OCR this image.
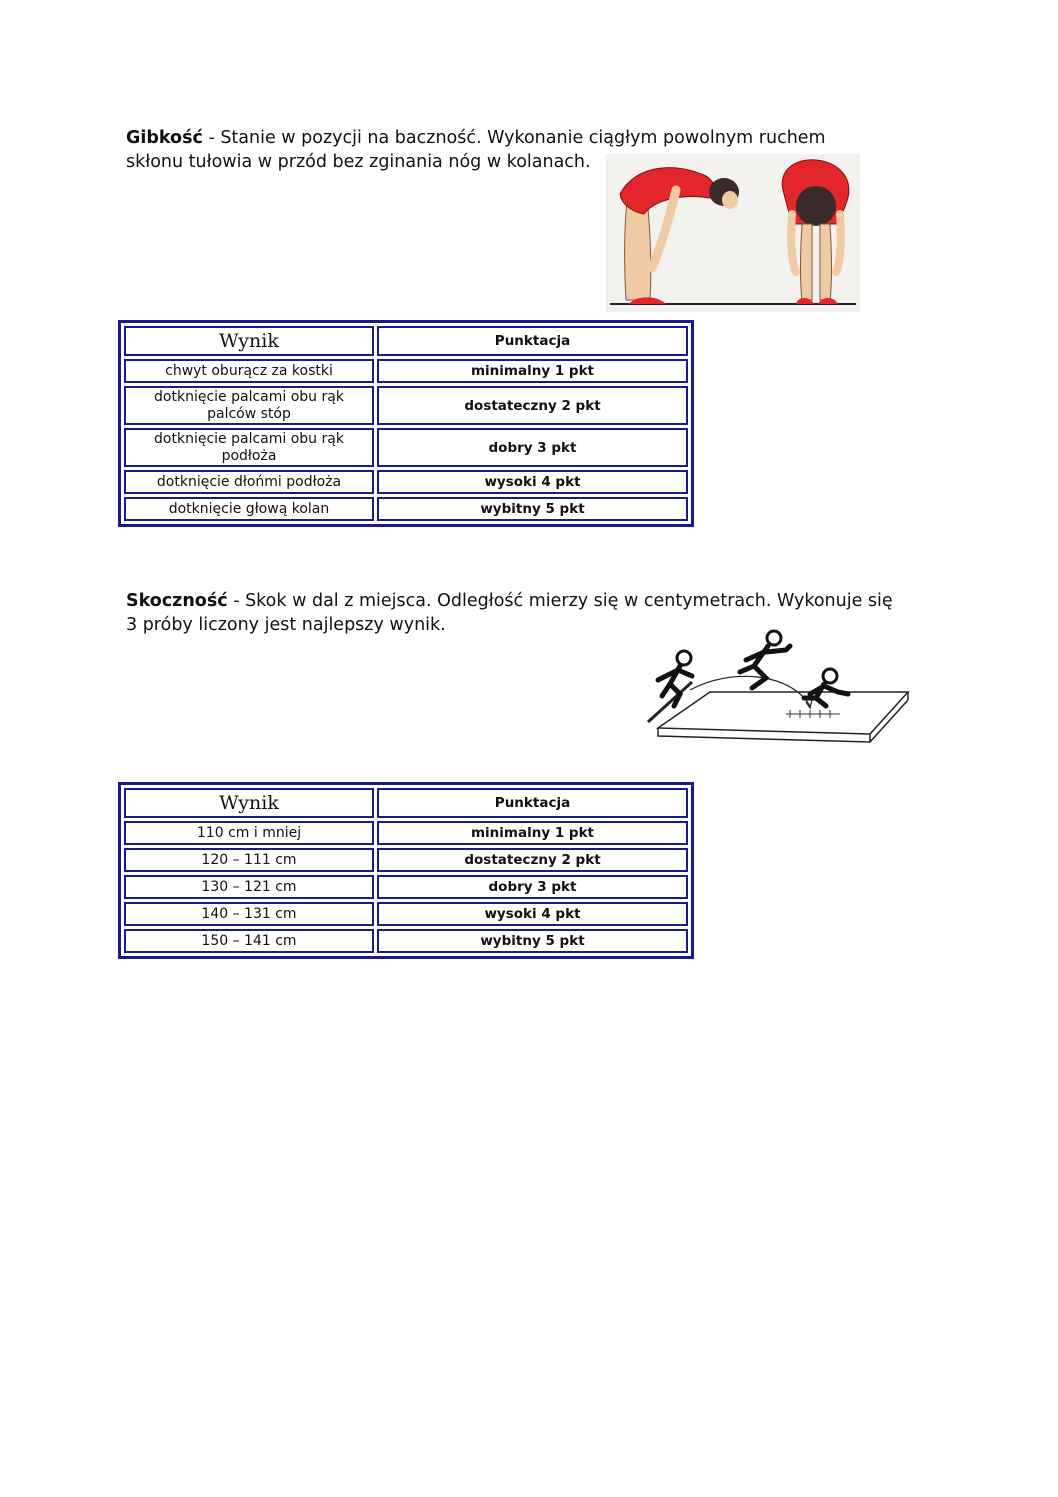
Gibkość - Stanie w pozycji na baczność. Wykonanie ciągłym powolnym ruchem
skłonu tułowia w przód bez zginania nóg w kolanach.

Wynik	Punktacja
chwyt oburącz za kostki	minimalny 1 pkt
dotknięcie palcami obu rąk palców stóp	dostateczny 2 pkt
dotknięcie palcami obu rąk podłoża	dobry 3 pkt
dotknięcie dłońmi podłoża	wysoki 4 pkt
dotknięcie głową kolan	wybitny 5 pkt

Skoczność - Skok w dal z miejsca. Odległość mierzy się w centymetrach. Wykonuje się
3 próby liczony jest najlepszy wynik.

Wynik	Punktacja
110 cm i mniej	minimalny 1 pkt
120 – 111 cm	dostateczny 2 pkt
130 – 121 cm	dobry 3 pkt
140 – 131 cm	wysoki 4 pkt
150 – 141 cm	wybitny 5 pkt
